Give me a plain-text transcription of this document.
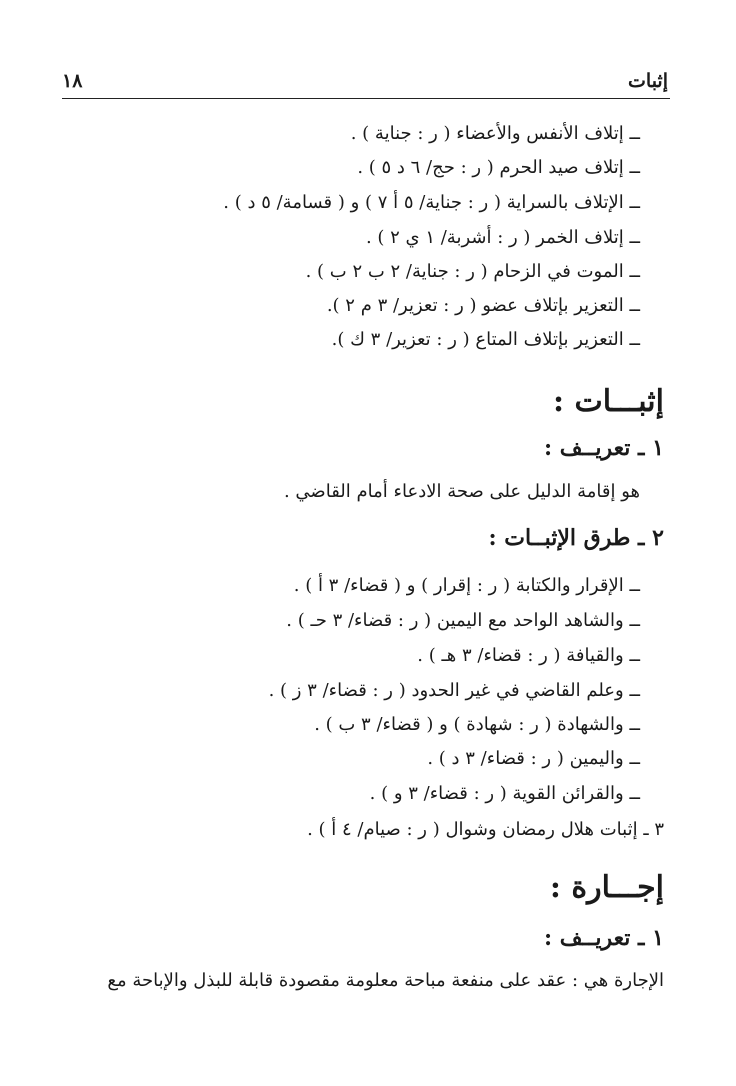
إثبات
١٨
ــ إتلاف الأنفس والأعضاء ( ر : جناية ) .
ــ إتلاف صيد الحرم ( ر : حج/ ٦ د ٥ ) .
ــ الإتلاف بالسراية ( ر : جناية/ ٥ أ ٧ ) و ( قسامة/ ٥ د ) .
ــ إتلاف الخمر ( ر : أشربة/ ١ ي ٢ ) .
ــ الموت في الزحام ( ر : جناية/ ٢ ب ٢ ب ) .
ــ التعزير بإتلاف عضو ( ر : تعزير/ ٣ م ٢ ).
ــ التعزير بإتلاف المتاع ( ر : تعزير/ ٣ ك ).
إثبـــات :
١ ـ تعريــف :
هو إقامة الدليل على صحة الادعاء أمام القاضي .
٢ ـ طرق الإثبــات :
ــ الإقرار والكتابة ( ر : إقرار ) و ( قضاء/ ٣ أ ) .
ــ والشاهد الواحد مع اليمين ( ر : قضاء/ ٣ حـ ) .
ــ والقيافة ( ر : قضاء/ ٣ هـ ) .
ــ وعلم القاضي في غير الحدود ( ر : قضاء/ ٣ ز ) .
ــ والشهادة ( ر : شهادة ) و ( قضاء/ ٣ ب ) .
ــ واليمين ( ر : قضاء/ ٣ د ) .
ــ والقرائن القوية ( ر : قضاء/ ٣ و ) .
٣ ـ إثبات هلال رمضان وشوال ( ر : صيام/ ٤ أ ) .
إجـــارة :
١ ـ تعريــف :
الإجارة هي : عقد على منفعة مباحة معلومة مقصودة قابلة للبذل والإباحة مع
